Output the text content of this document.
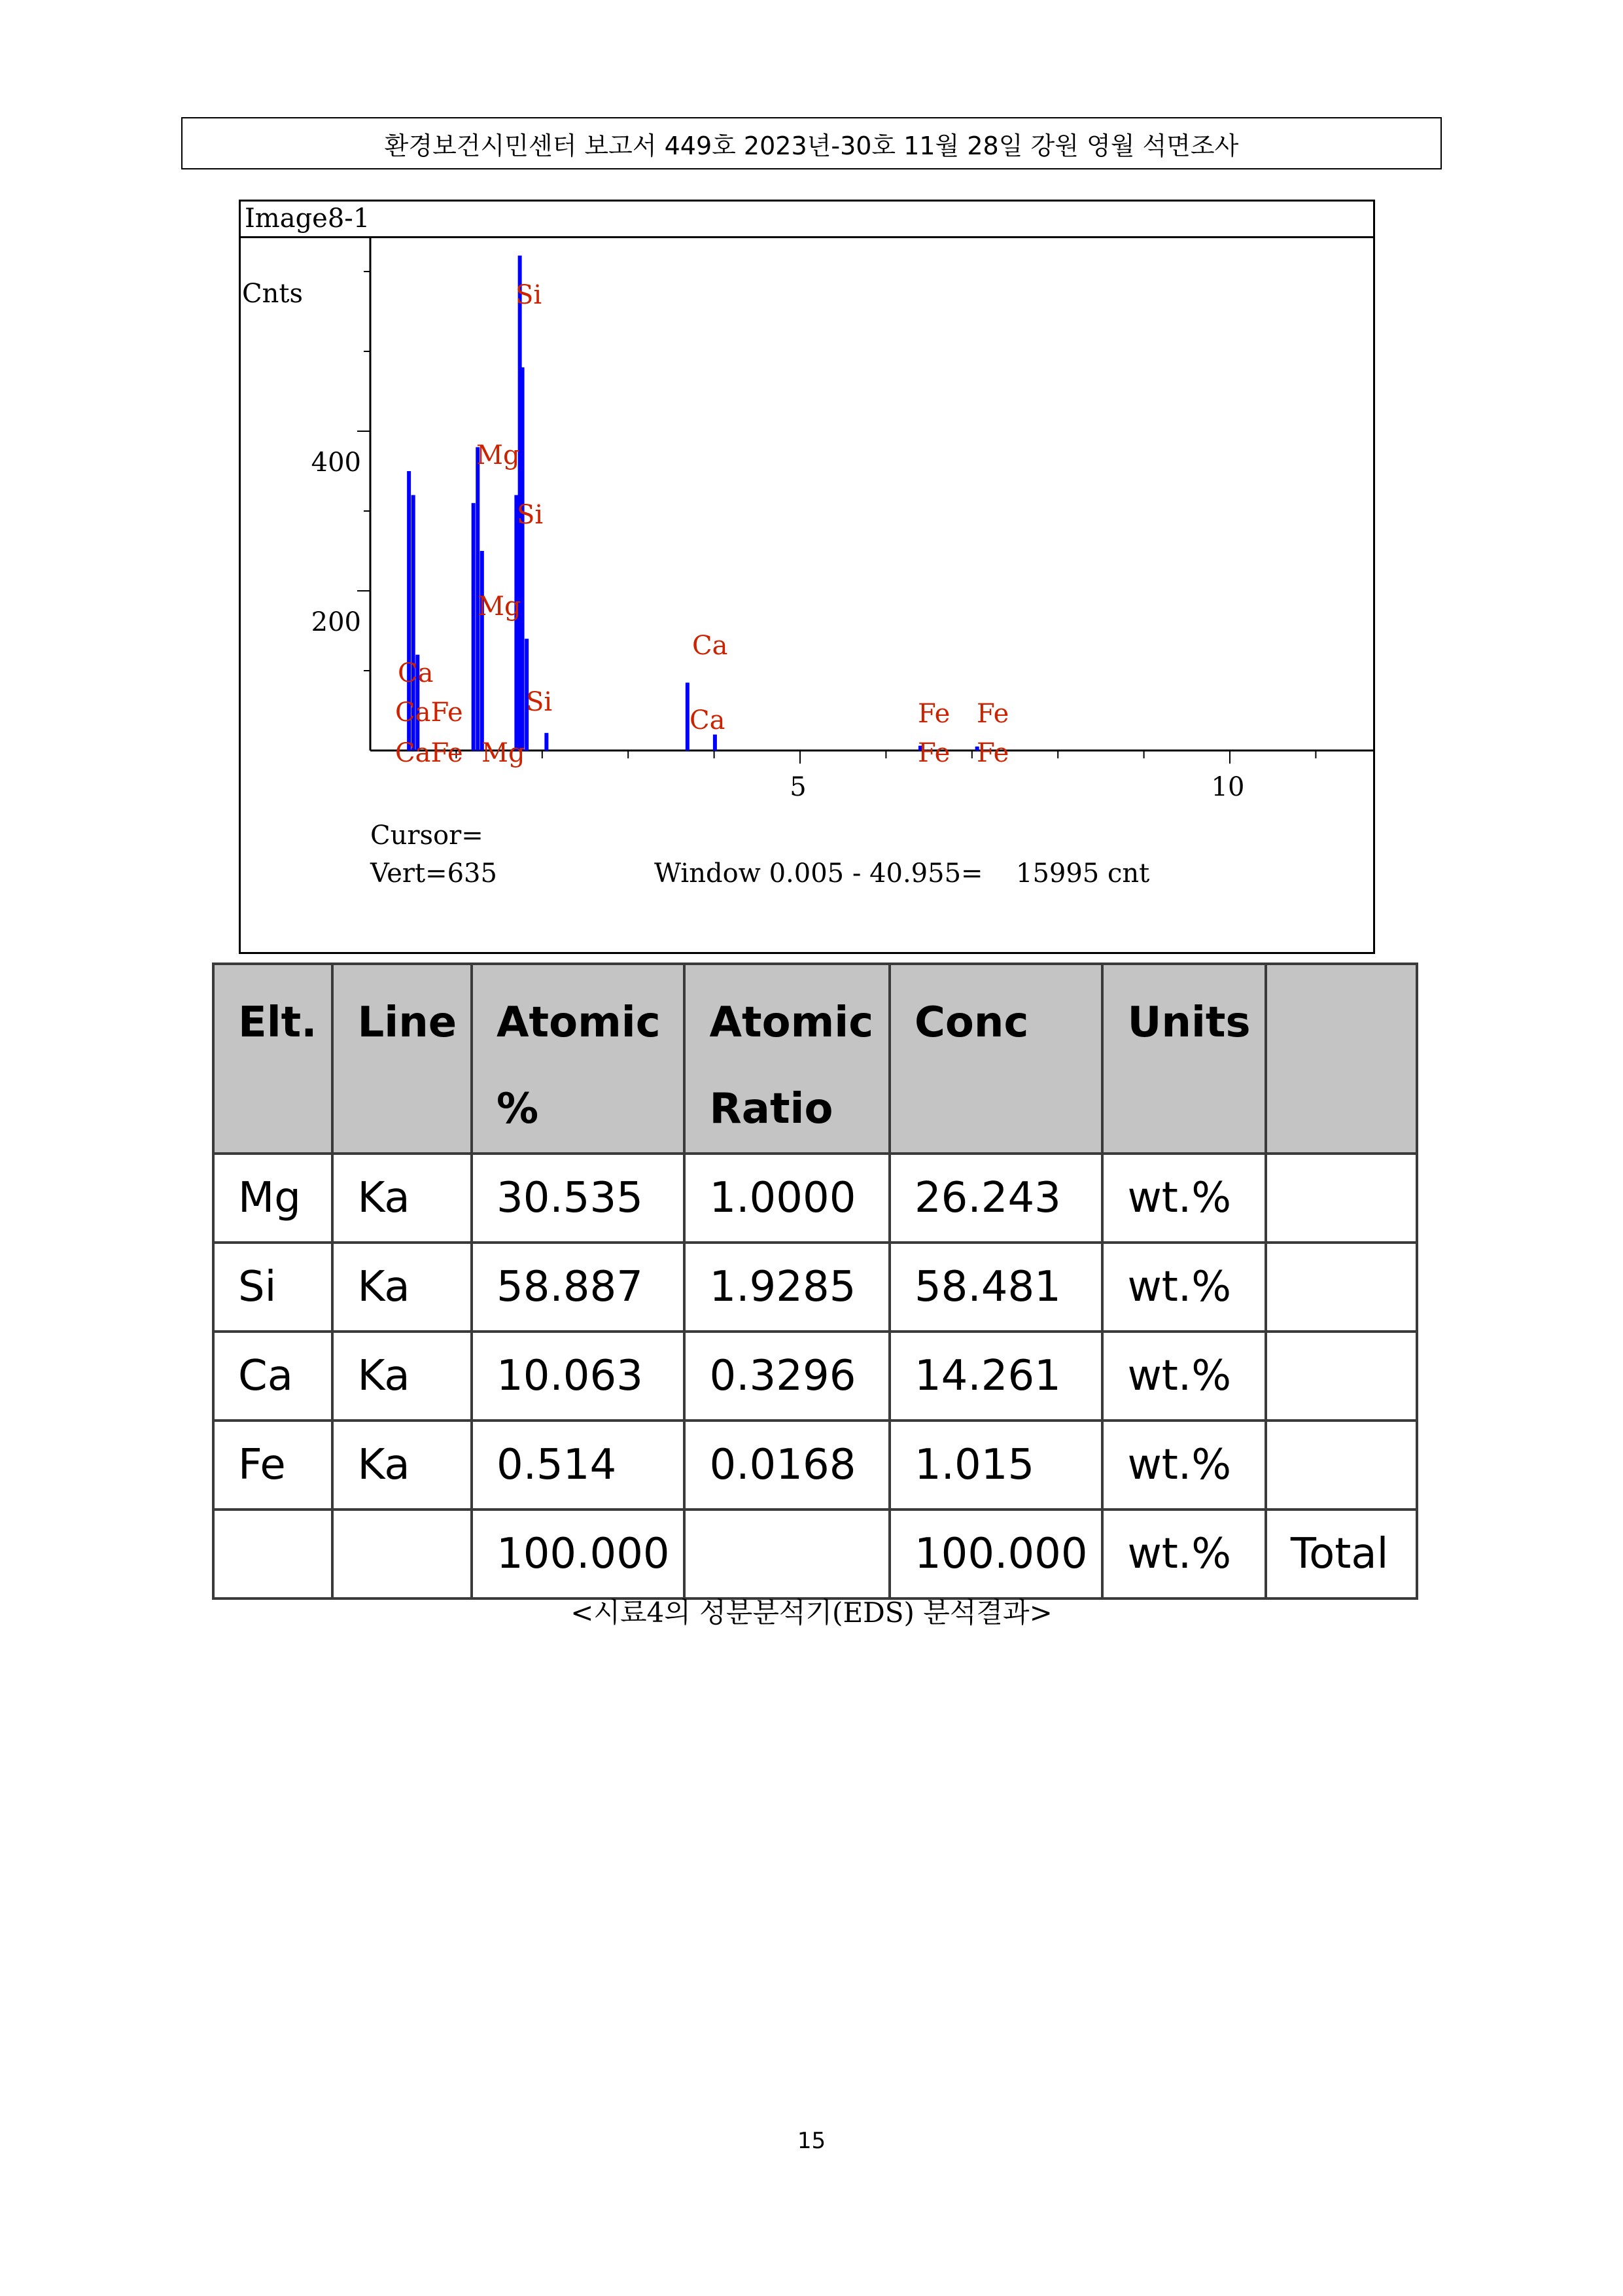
환경보건시민센터 보고서 449호 2023년-30호 11월 28일 강원 영월 석면조사
Image8-1
Cnts
400
200
5	10
Si
Mg
Si
Mg
Ca
CaFe
CaFe Mg
Si
Ca
Ca	Fe Fe
Fe Fe
Cursor=
Vert=635	Window 0.005 - 40.955= 15995 cnt
Elt.	Line	Atomic %	Atomic Ratio	Conc	Units	
Mg	Ka	30.535	1.0000	26.243	wt.%	
Si	Ka	58.887	1.9285	58.481	wt.%	
Ca	Ka	10.063	0.3296	14.261	wt.%	
Fe	Ka	0.514	0.0168	1.015	wt.%	
		100.000		100.000	wt.%	Total
<시료4의 성분분석기(EDS) 분석결과>
15
